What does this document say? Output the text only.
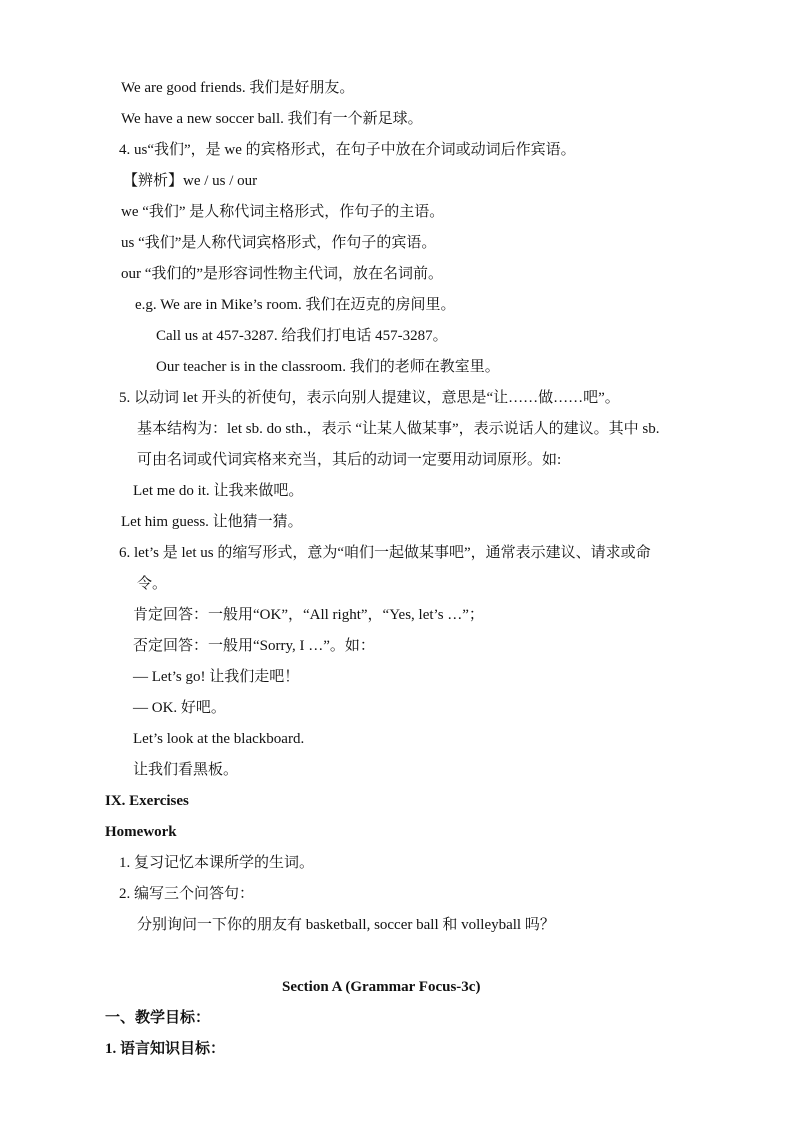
We are good friends. 我们是好朋友。
We have a new soccer ball. 我们有一个新足球。
4. us“我们”，是 we 的宾格形式，在句子中放在介词或动词后作宾语。
【辨析】we / us / our
we “我们” 是人称代词主格形式，作句子的主语。
us “我们”是人称代词宾格形式，作句子的宾语。
our “我们的”是形容词性物主代词，放在名词前。
e.g. We are in Mike’s room. 我们在迈克的房间里。
Call us at 457-3287. 给我们打电话 457-3287。
Our teacher is in the classroom. 我们的老师在教室里。
5. 以动词 let 开头的祈使句，表示向别人提建议，意思是“让……做……吧”。
基本结构为：let sb. do sth.，表示 “让某人做某事”，表示说话人的建议。其中 sb.
可由名词或代词宾格来充当，其后的动词一定要用动词原形。如:
Let me do it. 让我来做吧。
Let him guess. 让他猜一猜。
6. let’s 是 let us 的缩写形式，意为“咱们一起做某事吧”，通常表示建议、请求或命
令。
肯定回答：一般用“OK”，“All right”，“Yes, let’s …”；
否定回答：一般用“Sorry, I …”。如：
— Let’s go! 让我们走吧！
— OK. 好吧。
Let’s look at the blackboard.
让我们看黑板。
IX. Exercises
Homework
1. 复习记忆本课所学的生词。
2. 编写三个问答句：
分别询问一下你的朋友有 basketball, soccer ball 和 volleyball 吗？
Section A (Grammar Focus-3c)
一、教学目标：
1. 语言知识目标：
